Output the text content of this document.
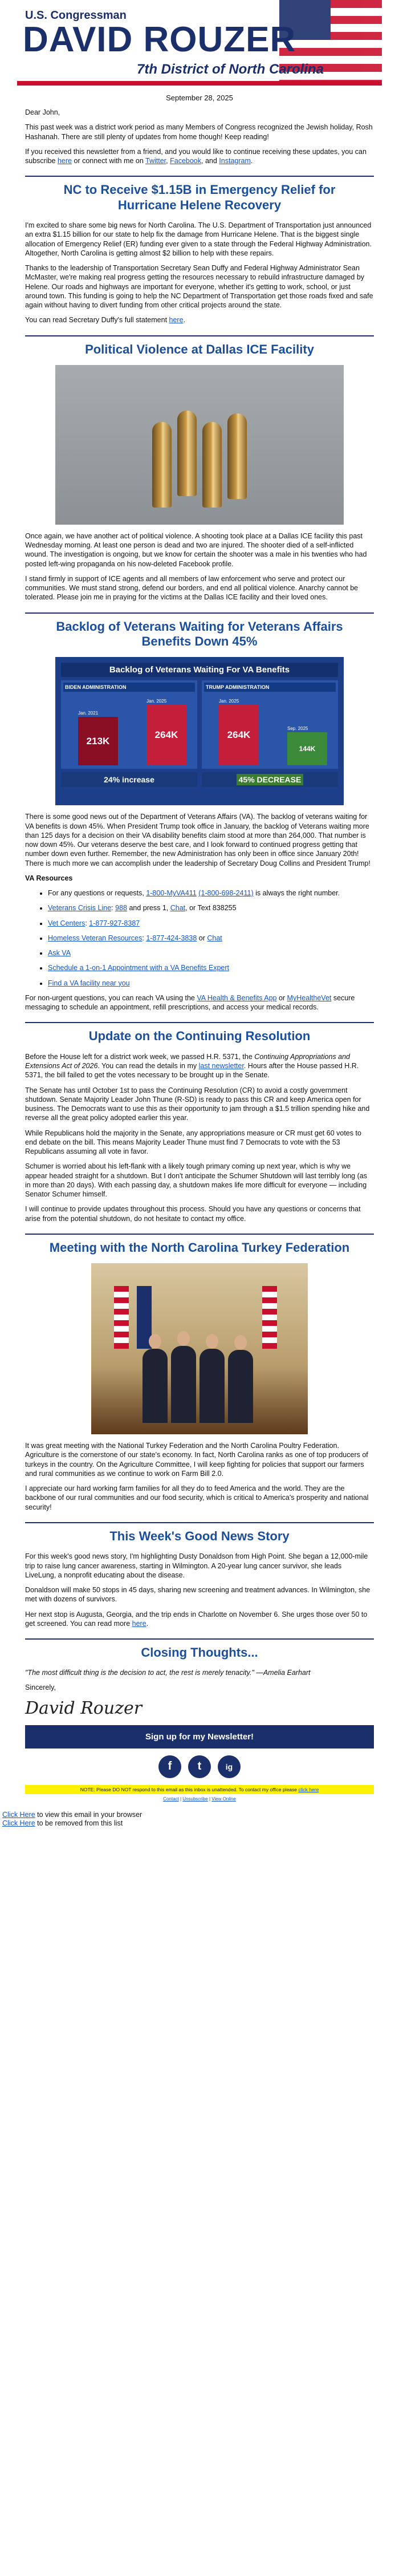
U.S. Congressman
DAVID ROUZER
7th District of North Carolina
September 28, 2025

Dear John,

This past week was a district work period as many Members of Congress recognized the Jewish holiday, Rosh Hashanah. There are still plenty of updates from home though! Keep reading!

If you received this newsletter from a friend, and you would like to continue receiving these updates, you can subscribe here or connect with me on Twitter, Facebook, and Instagram.

NC to Receive $1.15B in Emergency Relief for Hurricane Helene Recovery

I'm excited to share some big news for North Carolina. The U.S. Department of Transportation just announced an extra $1.15 billion for our state to help fix the damage from Hurricane Helene. That is the biggest single allocation of Emergency Relief (ER) funding ever given to a state through the Federal Highway Administration. Altogether, North Carolina is getting almost $2 billion to help with these repairs.

Thanks to the leadership of Transportation Secretary Sean Duffy and Federal Highway Administrator Sean McMaster, we're making real progress getting the resources necessary to rebuild infrastructure damaged by Helene. Our roads and highways are important for everyone, whether it's getting to work, school, or just around town. This funding is going to help the NC Department of Transportation get those roads fixed and safe again without having to divert funding from other critical projects around the state.

You can read Secretary Duffy's full statement here.

Political Violence at Dallas ICE Facility

Once again, we have another act of political violence. A shooting took place at a Dallas ICE facility this past Wednesday morning. At least one person is dead and two are injured. The shooter died of a self-inflicted wound. The investigation is ongoing, but we know for certain the shooter was a male in his twenties who had posted left-wing propaganda on his now-deleted Facebook profile.

I stand firmly in support of ICE agents and all members of law enforcement who serve and protect our communities. We must stand strong, defend our borders, and end all political violence. Anarchy cannot be tolerated. Please join me in praying for the victims at the Dallas ICE facility and their loved ones.

Backlog of Veterans Waiting for Veterans Affairs Benefits Down 45%
Backlog of Veterans Waiting For VA Benefits
BIDEN ADMINISTRATION
213K
264K
Jan. 2021
Jan. 2025
TRUMP ADMINISTRATION
264K
144K
Jan. 2025
Sep. 2025
24% increase	45% DECREASE

There is some good news out of the Department of Veterans Affairs (VA). The backlog of veterans waiting for VA benefits is down 45%. When President Trump took office in January, the backlog of Veterans waiting more than 125 days for a decision on their VA disability benefits claim stood at more than 264,000. That number is now down 45%. Our veterans deserve the best care, and I look forward to continued progress getting that number down even further. Remember, the new Administration has only been in office since January 20th! There is much more we can accomplish under the leadership of Secretary Doug Collins and President Trump!

VA Resources

• For any questions or requests, 1-800-MyVA411 (1-800-698-2411) is always the right number.
• Veterans Crisis Line: 988 and press 1, Chat, or Text 838255
• Vet Centers: 1-877-927-8387
• Homeless Veteran Resources: 1-877-424-3838 or Chat
• Ask VA
• Schedule a 1-on-1 Appointment with a VA Benefits Expert
• Find a VA facility near you

For non-urgent questions, you can reach VA using the VA Health & Benefits App or MyHealtheVet secure messaging to schedule an appointment, refill prescriptions, and access your medical records.

Update on the Continuing Resolution

Before the House left for a district work week, we passed H.R. 5371, the Continuing Appropriations and Extensions Act of 2026. You can read the details in my last newsletter. Hours after the House passed H.R. 5371, the bill failed to get the votes necessary to be brought up in the Senate.

The Senate has until October 1st to pass the Continuing Resolution (CR) to avoid a costly government shutdown. Senate Majority Leader John Thune (R-SD) is ready to pass this CR and keep America open for business. The Democrats want to use this as their opportunity to jam through a $1.5 trillion spending hike and reverse all the great policy adopted earlier this year.

While Republicans hold the majority in the Senate, any appropriations measure or CR must get 60 votes to end debate on the bill. This means Majority Leader Thune must find 7 Democrats to vote with the 53 Republicans assuming all vote in favor.

Schumer is worried about his left-flank with a likely tough primary coming up next year, which is why we appear headed straight for a shutdown. But I don't anticipate the Schumer Shutdown will last terribly long (as in more than 20 days). With each passing day, a shutdown makes life more difficult for everyone — including Senator Schumer himself.

I will continue to provide updates throughout this process. Should you have any questions or concerns that arise from the potential shutdown, do not hesitate to contact my office.

Meeting with the North Carolina Turkey Federation

It was great meeting with the National Turkey Federation and the North Carolina Poultry Federation. Agriculture is the cornerstone of our state's economy. In fact, North Carolina ranks as one of top producers of turkeys in the country. On the Agriculture Committee, I will keep fighting for policies that support our farmers and rural communities as we continue to work on Farm Bill 2.0.

I appreciate our hard working farm families for all they do to feed America and the world. They are the backbone of our rural communities and our food security, which is critical to America's prosperity and national security!

This Week's Good News Story

For this week's good news story, I'm highlighting Dusty Donaldson from High Point. She began a 12,000-mile trip to raise lung cancer awareness, starting in Wilmington. A 20-year lung cancer survivor, she leads LiveLung, a nonprofit educating about the disease.

Donaldson will make 50 stops in 45 days, sharing new screening and treatment advances. In Wilmington, she met with dozens of survivors.

Her next stop is Augusta, Georgia, and the trip ends in Charlotte on November 6. She urges those over 50 to get screened. You can read more here.

Closing Thoughts...

"The most difficult thing is the decision to act, the rest is merely tenacity." —Amelia Earhart

Sincerely,

David Rouzer
Sign up for my Newsletter!
f	t	ig
NOTE: Please DO NOT respond to this email as this inbox is unattended. To contact my office please click here
Contact | Unsubscribe | View Online
Click Here to view this email in your browser
Click Here to be removed from this list
